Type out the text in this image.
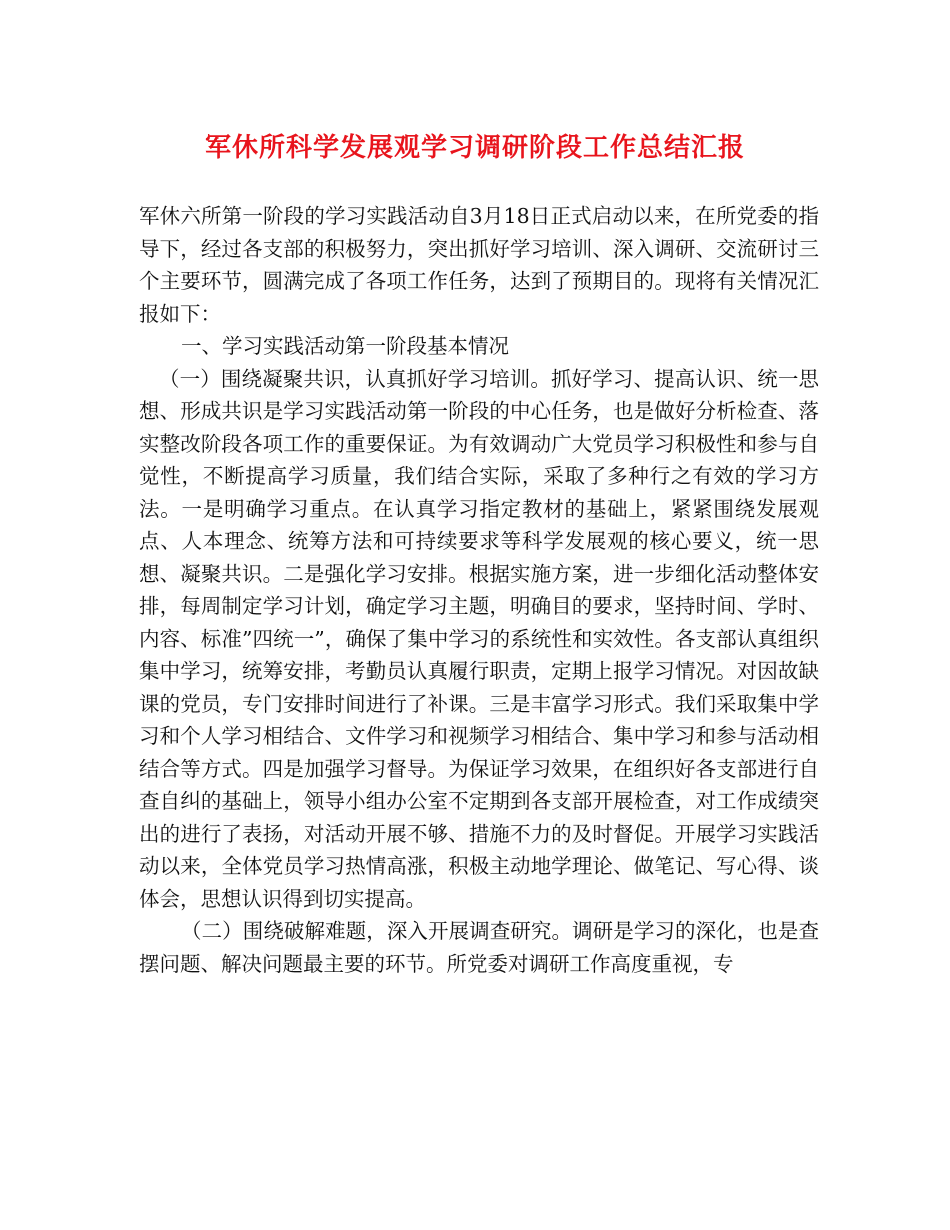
军休所科学发展观学习调研阶段工作总结汇报

军休六所第一阶段的学习实践活动自3月18日正式启动以来，在所党委的指导下，经过各支部的积极努力，突出抓好学习培训、深入调研、交流研讨三个主要环节，圆满完成了各项工作任务，达到了预期目的。现将有关情况汇报如下：

一、学习实践活动第一阶段基本情况

（一）围绕凝聚共识，认真抓好学习培训。抓好学习、提高认识、统一思想、形成共识是学习实践活动第一阶段的中心任务，也是做好分析检查、落实整改阶段各项工作的重要保证。为有效调动广大党员学习积极性和参与自觉性，不断提高学习质量，我们结合实际，采取了多种行之有效的学习方法。一是明确学习重点。在认真学习指定教材的基础上，紧紧围绕发展观点、人本理念、统筹方法和可持续要求等科学发展观的核心要义，统一思想、凝聚共识。二是强化学习安排。根据实施方案，进一步细化活动整体安排，每周制定学习计划，确定学习主题，明确目的要求，坚持时间、学时、内容、标准”四统一”，确保了集中学习的系统性和实效性。各支部认真组织集中学习，统筹安排，考勤员认真履行职责，定期上报学习情况。对因故缺课的党员，专门安排时间进行了补课。三是丰富学习形式。我们采取集中学习和个人学习相结合、文件学习和视频学习相结合、集中学习和参与活动相结合等方式。四是加强学习督导。为保证学习效果，在组织好各支部进行自查自纠的基础上，领导小组办公室不定期到各支部开展检查，对工作成绩突出的进行了表扬，对活动开展不够、措施不力的及时督促。开展学习实践活动以来，全体党员学习热情高涨，积极主动地学理论、做笔记、写心得、谈体会，思想认识得到切实提高。

（二）围绕破解难题，深入开展调查研究。调研是学习的深化，也是查摆问题、解决问题最主要的环节。所党委对调研工作高度重视，专
